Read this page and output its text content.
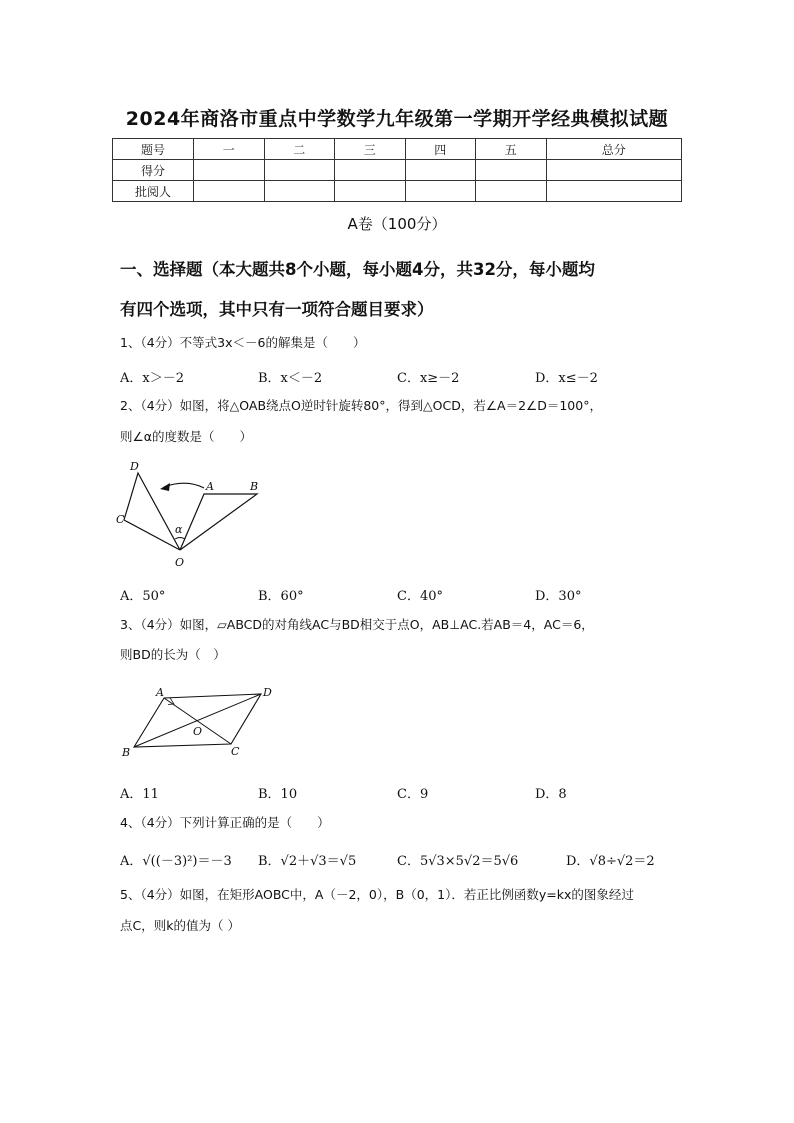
2024年商洛市重点中学数学九年级第一学期开学经典模拟试题
题号	一	二	三	四	五	总分
得分						
批阅人						
A卷（100分）
一、选择题（本大题共8个小题，每小题4分，共32分，每小题均
有四个选项，其中只有一项符合题目要求）
1、（4分）不等式3x＜－6的解集是（　　）
A．x＞－2	B．x＜－2	C．x≥－2	D．x≤－2
2、（4分）如图，将△OAB绕点O逆时针旋转80°，得到△OCD，若∠A＝2∠D＝100°，
则∠α的度数是（　　）
D
C
A	B
α
O
A．50°	B．60°	C．40°	D．30°
3、（4分）如图，▱ABCD的对角线AC与BD相交于点O，AB⊥AC.若AB＝4，AC＝6，
则BD的长为（　）
A	D
O
B	C
A．11	B．10	C．9	D．8
4、（4分）下列计算正确的是（　　）
A．√((－3)²)＝－3 B．√2＋√3＝√5	C．5√3×5√2＝5√6	D．√8÷√2＝2
5、（4分）如图，在矩形AOBC中，A（－2，0），B（0，1）．若正比例函数y=kx的图象经过
点C，则k的值为（ ）
